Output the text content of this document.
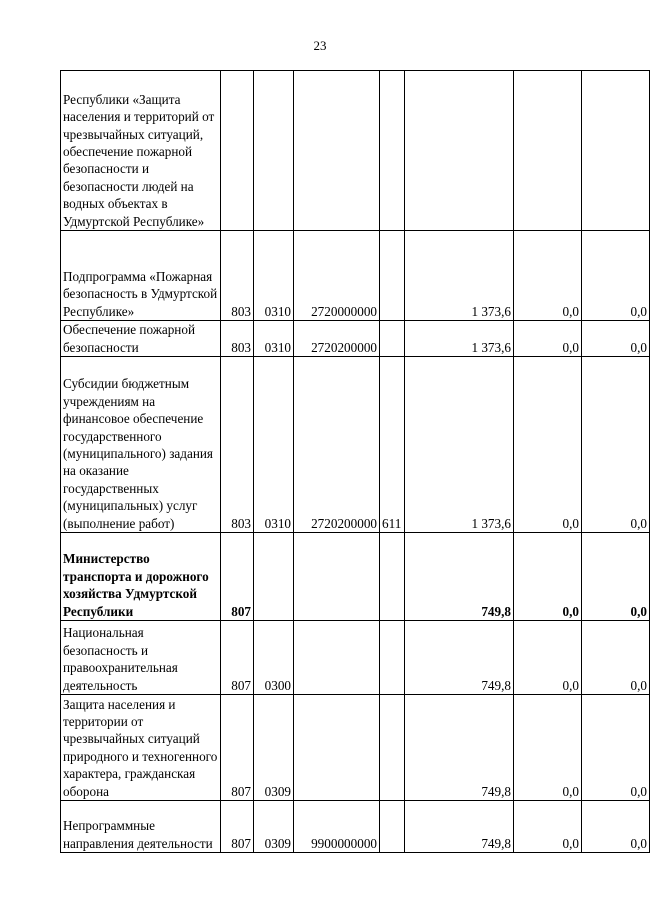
23
Республики «Защита населения и территорий от чрезвычайных ситуаций, обеспечение пожарной безопасности и безопасности людей на водных объектах в Удмуртской Республике»							
Подпрограмма «Пожарная безопасность в Удмуртской Республике»	803	0310	2720000000		1 373,6	0,0	0,0
Обеспечение пожарной безопасности	803	0310	2720200000		1 373,6	0,0	0,0
Субсидии бюджетным учреждениям на финансовое обеспечение государственного (муниципального) задания на оказание государственных (муниципальных) услуг (выполнение работ)	803	0310	2720200000	611	1 373,6	0,0	0,0
Министерство транспорта и дорожного хозяйства Удмуртской Республики	807				749,8	0,0	0,0
Национальная безопасность и правоохранительная деятельность	807	0300			749,8	0,0	0,0
Защита населения и территории от чрезвычайных ситуаций природного и техногенного характера, гражданская оборона	807	0309			749,8	0,0	0,0
Непрограммные направления деятельности	807	0309	9900000000		749,8	0,0	0,0
